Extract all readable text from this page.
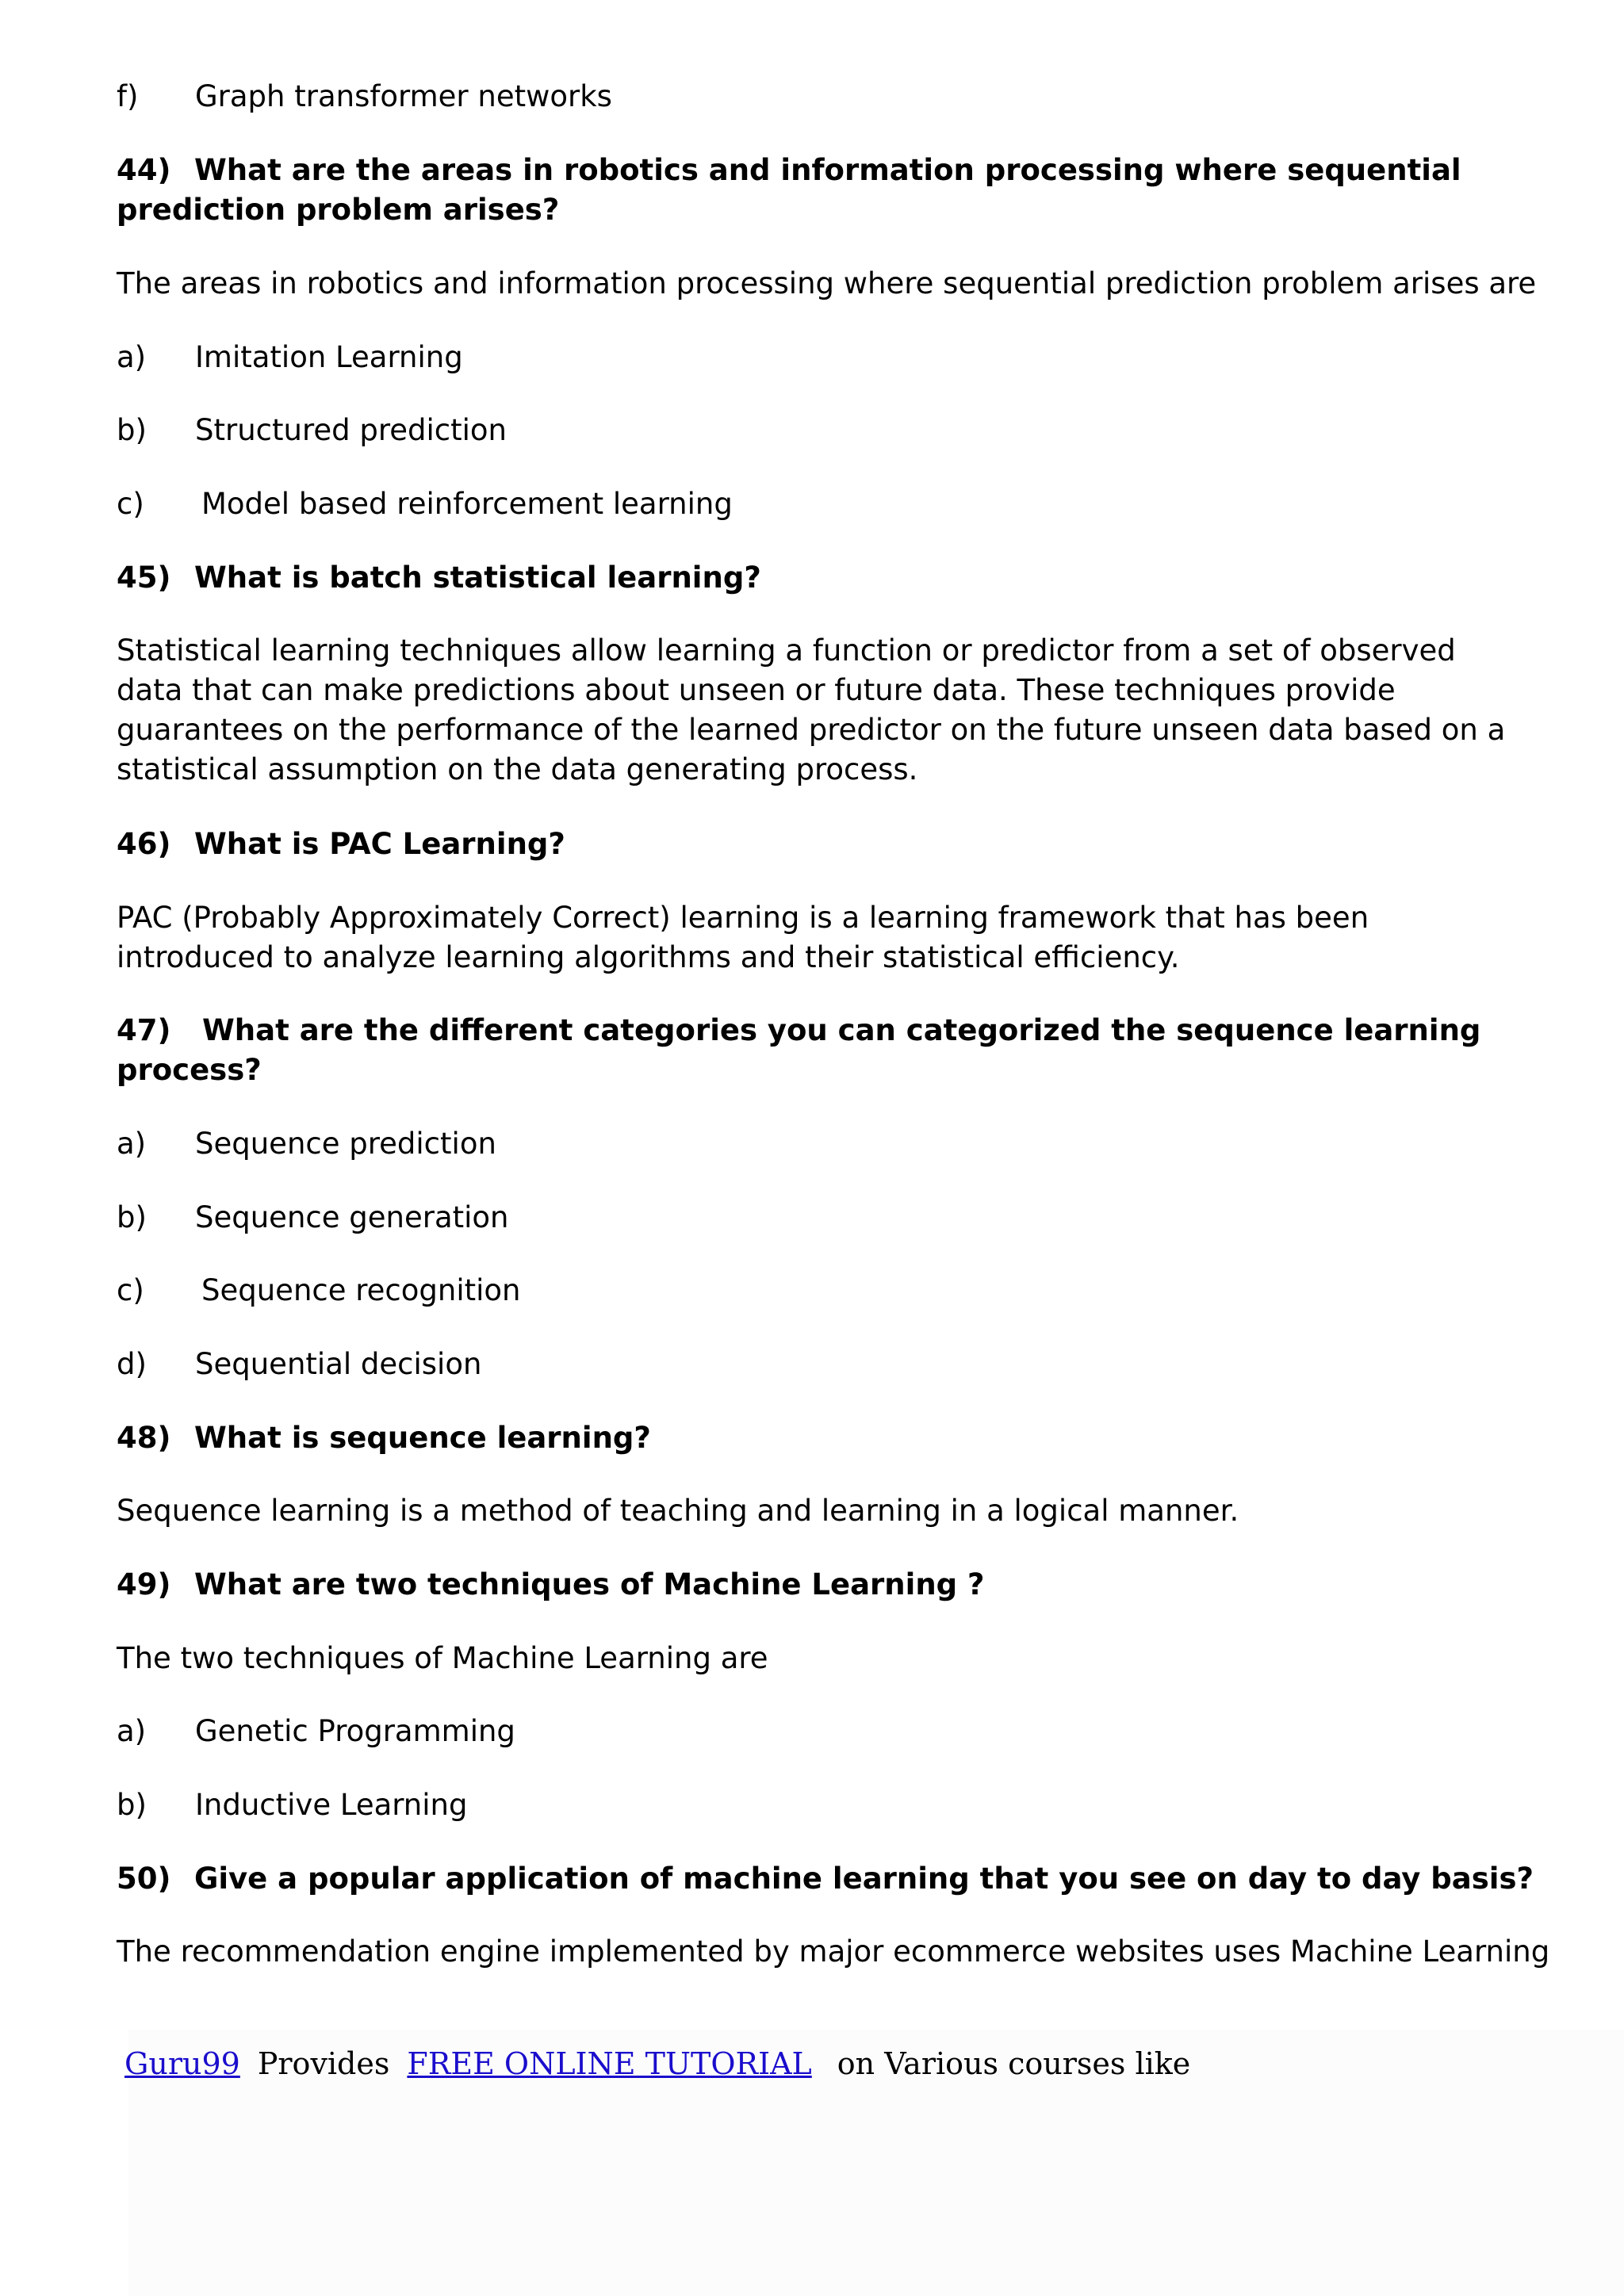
f) Graph transformer networks
44) What are the areas in robotics and information processing where sequential prediction problem arises?
The areas in robotics and information processing where sequential prediction problem arises are
a) Imitation Learning
b) Structured prediction
c) Model based reinforcement learning
45) What is batch statistical learning?
Statistical learning techniques allow learning a function or predictor from a set of observed data that can make predictions about unseen or future data. These techniques provide guarantees on the performance of the learned predictor on the future unseen data based on a statistical assumption on the data generating process.
46) What is PAC Learning?
PAC (Probably Approximately Correct) learning is a learning framework that has been introduced to analyze learning algorithms and their statistical efficiency.
47) What are the different categories you can categorized the sequence learning process?
a) Sequence prediction
b) Sequence generation
c) Sequence recognition
d) Sequential decision
48) What is sequence learning?
Sequence learning is a method of teaching and learning in a logical manner.
49) What are two techniques of Machine Learning ?
The two techniques of Machine Learning are
a) Genetic Programming
b) Inductive Learning
50) Give a popular application of machine learning that you see on day to day basis?
The recommendation engine implemented by major ecommerce websites uses Machine Learning
Guru99 Provides FREE ONLINE TUTORIAL on Various courses like
